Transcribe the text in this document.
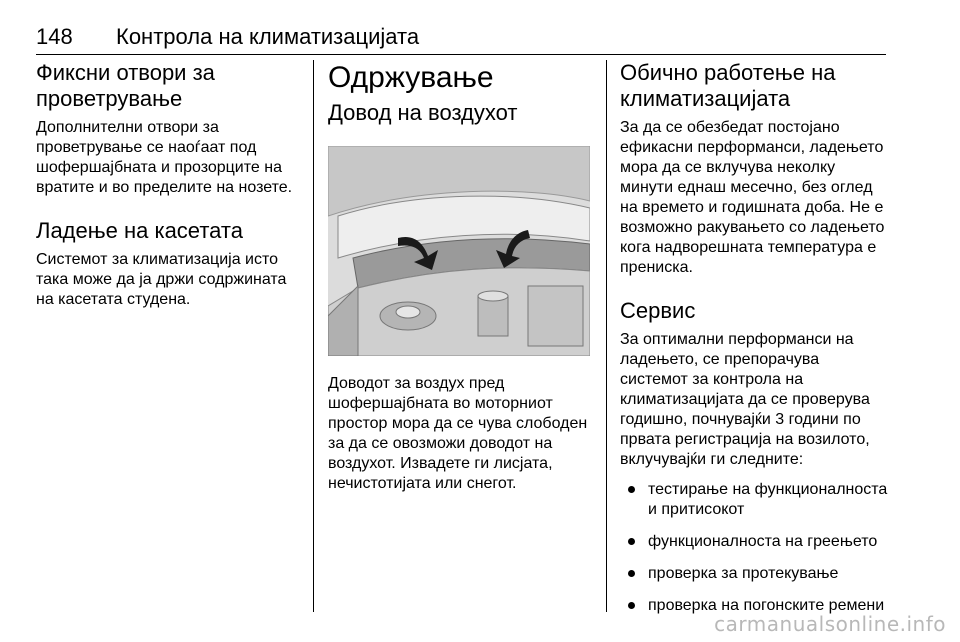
148 Контрола на климатизацијата
Фиксни отвори за проветрување

Дополнителни отвори за проветрување се наоѓаат под шофершајбната и прозорците на вратите и во пределите на нозете.

Ладење на касетата

Системот за климатизација исто така може да ја држи содржината на касетата студена.

Одржување
Довод на воздухот

Доводот за воздух пред шофершајбната во моторниот простор мора да се чува слободен за да се овозможи доводот на воздухот. Извадете ги лисјата, нечистотијата или снегот.

Обично работење на климатизацијата

За да се обезбедат постојано ефикасни перформанси, ладењето мора да се вклучува неколку минути еднаш месечно, без оглед на времето и годишната доба. Не е возможно ракувањето со ладењето кога надворешната температура е прениска.

Сервис

За оптимални перформанси на ладењето, се препорачува системот за контрола на климатизацијата да се проверува годишно, почнувајќи 3 години по првата регистрација на возилото, вклучувајќи ги следните:

тестирање на функционалноста и притисокот
функционалноста на греењето
проверка за протекување
проверка на погонските ремени
carmanualsonline.info
